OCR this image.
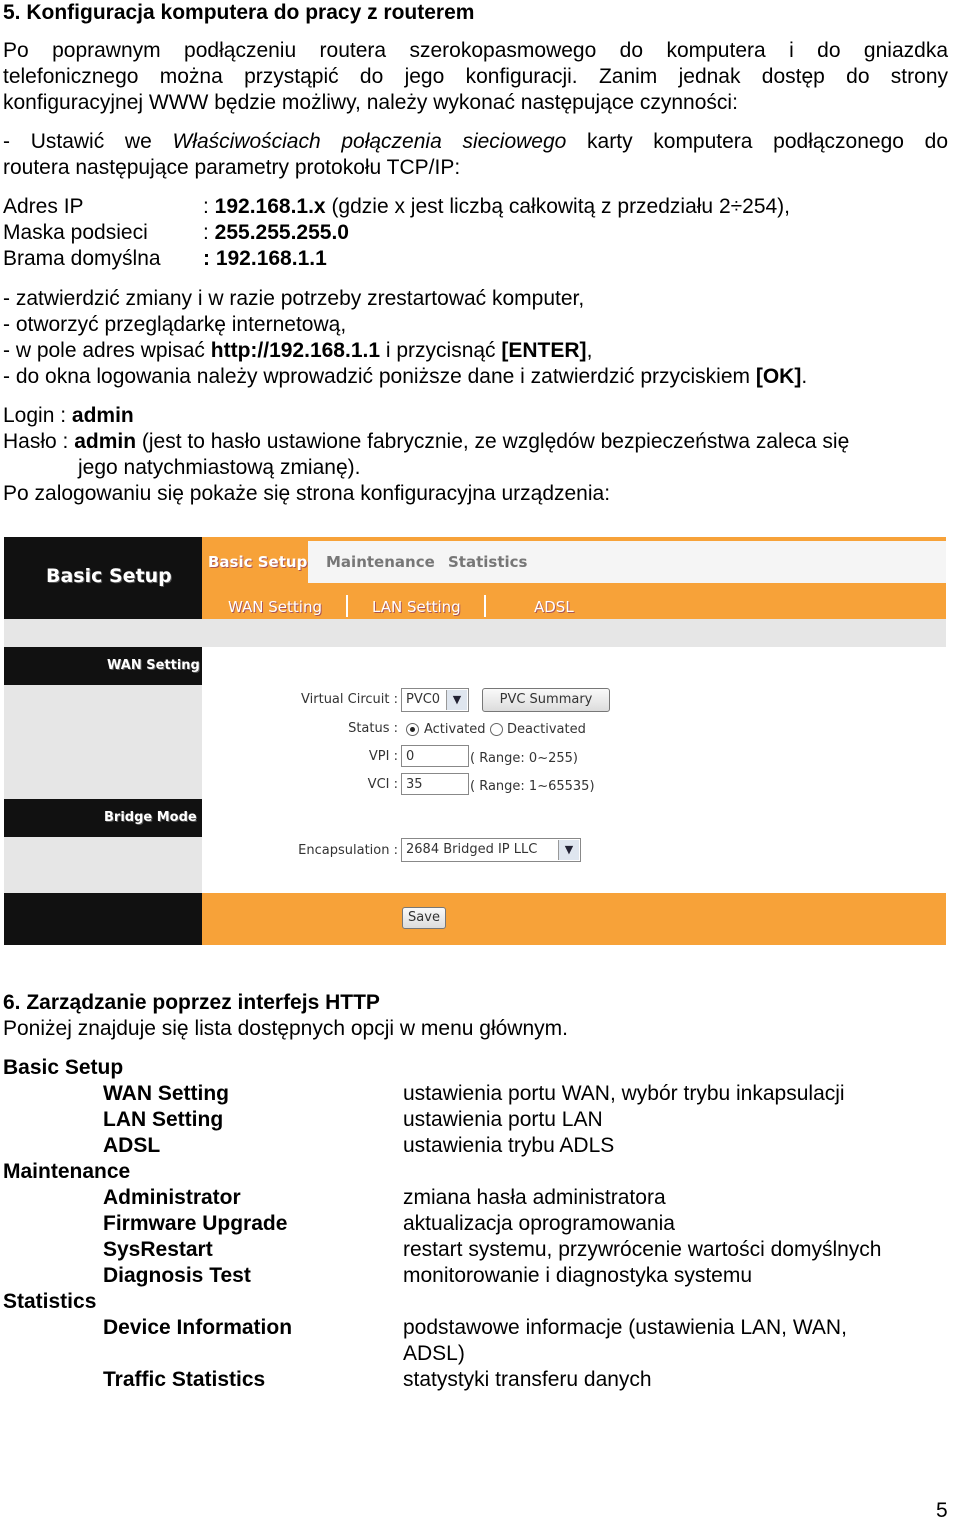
5. Konfiguracja komputera do pracy z routerem
Po poprawnym podłączeniu routera szerokopasmowego do komputera i do gniazdka
telefonicznego można przystąpić do jego konfiguracji. Zanim jednak dostęp do strony
konfiguracyjnej WWW będzie możliwy, należy wykonać następujące czynności:
- Ustawić we Właściwościach połączenia sieciowego karty komputera podłączonego do
routera następujące parametry protokołu TCP/IP:
Adres IP	: 192.168.1.x (gdzie x jest liczbą całkowitą z przedziału 2÷254),
Maska podsieci	: 255.255.255.0
Brama domyślna : 192.168.1.1
- zatwierdzić zmiany i w razie potrzeby zrestartować komputer,
- otworzyć przeglądarkę internetową,
- w pole adres wpisać http://192.168.1.1 i przycisnąć [ENTER],
- do okna logowania należy wprowadzić poniższe dane i zatwierdzić przyciskiem [OK].
Login : admin
Hasło : admin (jest to hasło ustawione fabrycznie, ze względów bezpieczeństwa zaleca się
jego natychmiastową zmianę).
Po zalogowaniu się pokaże się strona konfiguracyjna urządzenia:
Basic Setup
Basic Setup Maintenance Statistics
WAN Setting	LAN Setting	ADSL
WAN Setting
Bridge Mode
Virtual Circuit : PVC0	▼	PVC Summary
Status : Activated Deactivated
VPI : 0	( Range: 0~255)
VCI : 35	( Range: 1~65535)
Encapsulation : 2684 Bridged IP LLC	▼
Save
6. Zarządzanie poprzez interfejs HTTP
Poniżej znajduje się lista dostępnych opcji w menu głównym.
Basic Setup
WAN Setting	ustawienia portu WAN, wybór trybu inkapsulacji
LAN Setting	ustawienia portu LAN
ADSL	ustawienia trybu ADLS
Maintenance
Administrator	zmiana hasła administratora
Firmware Upgrade	aktualizacja oprogramowania
SysRestart	restart systemu, przywrócenie wartości domyślnych
Diagnosis Test	monitorowanie i diagnostyka systemu
Statistics
Device Information	podstawowe informacje (ustawienia LAN, WAN,
ADSL)
Traffic Statistics	statystyki transferu danych
5
